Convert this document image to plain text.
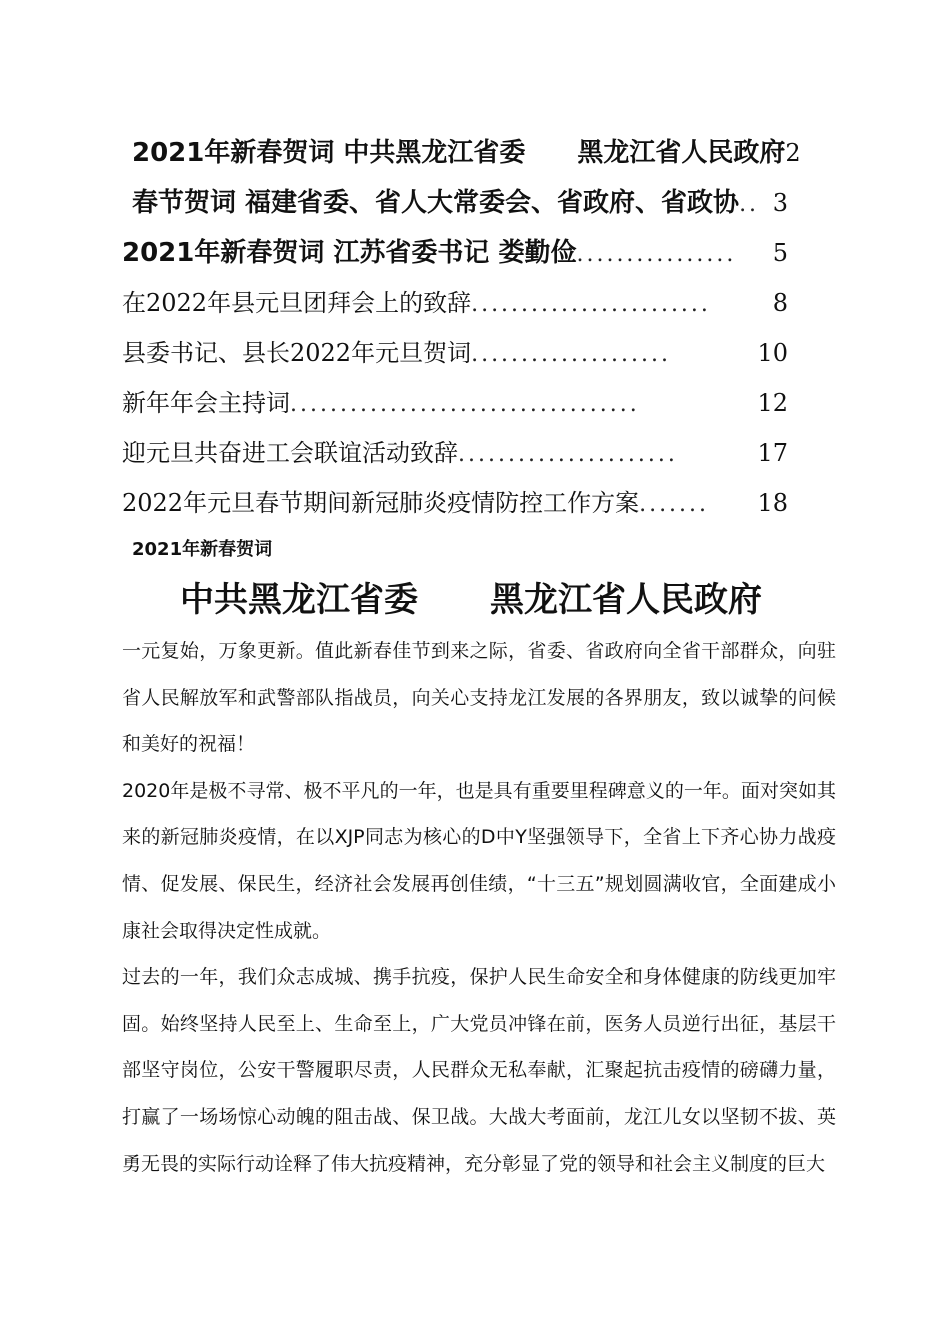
2021年新春贺词 中共黑龙江省委　　黑龙江省人民政府 2
春节贺词 福建省委、省人大常委会、省政府、省政协 .. 3
2021年新春贺词 江苏省委书记 娄勤俭 ................	5
在2022年县元旦团拜会上的致辞 ........................	8
县委书记、县长2022年元旦贺词 ....................	10
新年年会主持词 ...................................	12
迎元旦共奋进工会联谊活动致辞 ......................	17
2022年元旦春节期间新冠肺炎疫情防控工作方案 .......	18
2021年新春贺词
中共黑龙江省委 黑龙江省人民政府

一元复始，万象更新。值此新春佳节到来之际，省委、省政府向全省干部群众，向驻省人民解放军和武警部队指战员，向关心支持龙江发展的各界朋友，致以诚挚的问候和美好的祝福！

2020年是极不寻常、极不平凡的一年，也是具有重要里程碑意义的一年。面对突如其来的新冠肺炎疫情，在以XJP同志为核心的D中Y坚强领导下，全省上下齐心协力战疫情、促发展、保民生，经济社会发展再创佳绩，“十三五”规划圆满收官，全面建成小康社会取得决定性成就。

过去的一年，我们众志成城、携手抗疫，保护人民生命安全和身体健康的防线更加牢固。始终坚持人民至上、生命至上，广大党员冲锋在前，医务人员逆行出征，基层干部坚守岗位，公安干警履职尽责，人民群众无私奉献，汇聚起抗击疫情的磅礴力量，打赢了一场场惊心动魄的阻击战、保卫战。大战大考面前，龙江儿女以坚韧不拔、英勇无畏的实际行动诠释了伟大抗疫精神，充分彰显了党的领导和社会主义制度的巨大
